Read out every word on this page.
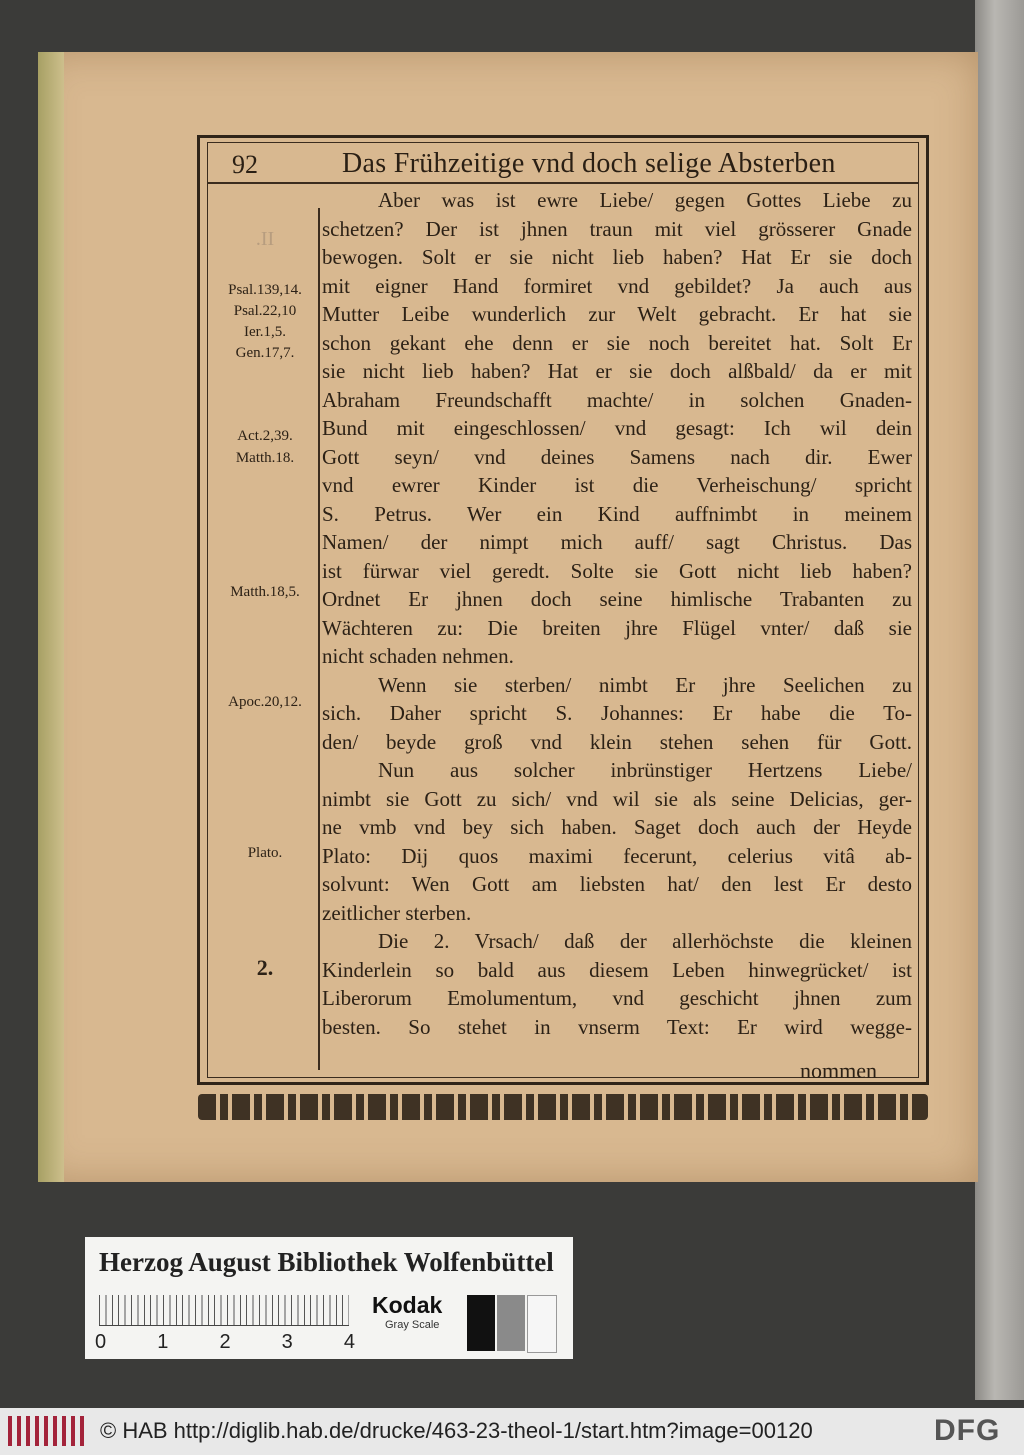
92	Das Frühzeitige vnd doch selige Absterben
.II
Psal.139,14.
Psal.22,10
Ier.1,5.
Gen.17,7.
Act.2,39.
Matth.18.
Matth.18,5.
Apoc.20,12.
Plato.
2.
Aber was ist ewre Liebe/ gegen Gottes Liebe zu
schetzen? Der ist jhnen traun mit viel grösserer Gnade
bewogen. Solt er sie nicht lieb haben? Hat Er sie doch
mit eigner Hand formiret vnd gebildet? Ja auch aus
Mutter Leibe wunderlich zur Welt gebracht. Er hat sie
schon gekant ehe denn er sie noch bereitet hat. Solt Er
sie nicht lieb haben? Hat er sie doch alßbald/ da er mit
Abraham Freundschafft machte/ in solchen Gnaden-
Bund mit eingeschlossen/ vnd gesagt: Ich wil dein
Gott seyn/ vnd deines Samens nach dir. Ewer
vnd ewrer Kinder ist die Verheischung/ spricht
S. Petrus. Wer ein Kind auffnimbt in meinem
Namen/ der nimpt mich auff/ sagt Christus. Das
ist fürwar viel geredt. Solte sie Gott nicht lieb haben?
Ordnet Er jhnen doch seine himlische Trabanten zu
Wächteren zu: Die breiten jhre Flügel vnter/ daß sie
nicht schaden nehmen.
Wenn sie sterben/ nimbt Er jhre Seelichen zu
sich. Daher spricht S. Johannes: Er habe die To-
den/ beyde groß vnd klein stehen sehen für Gott.
Nun aus solcher inbrünstiger Hertzens Liebe/
nimbt sie Gott zu sich/ vnd wil sie als seine Delicias, ger-
ne vmb vnd bey sich haben. Saget doch auch der Heyde
Plato: Dij quos maximi fecerunt, celerius vitâ ab-
solvunt: Wen Gott am liebsten hat/ den lest Er desto
zeitlicher sterben.
Die 2. Vrsach/ daß der allerhöchste die kleinen
Kinderlein so bald aus diesem Leben hinwegrücket/ ist
Liberorum Emolumentum, vnd geschicht jhnen zum
besten. So stehet in vnserm Text: Er wird wegge-
nommen
Herzog August Bibliothek Wolfenbüttel
0	1	2	3	4
Kodak
Gray Scale
© HAB http://diglib.hab.de/drucke/463-23-theol-1/start.htm?image=00120	DFG
